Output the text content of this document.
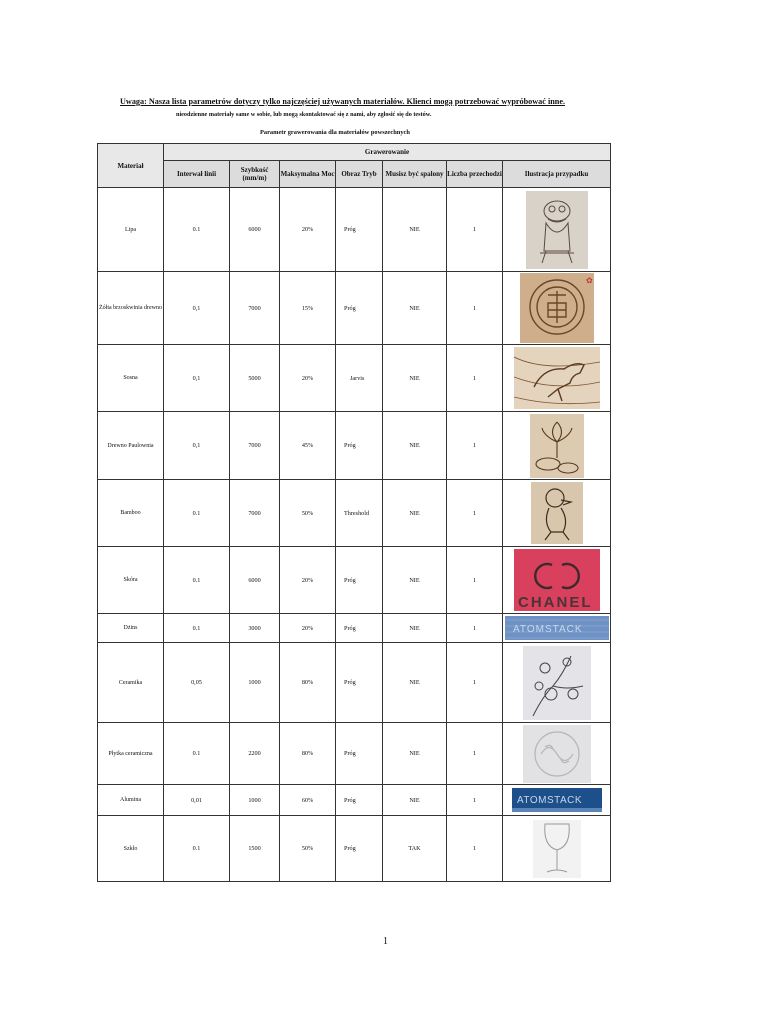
Uwaga: Nasza lista parametrów dotyczy tylko najczęściej używanych materiałów. Klienci mogą potrzebować wypróbować inne.
nieodzienne materiały same w sobie, lub mogą skontaktować się z nami, aby zgłosić się do testów.
Parametr grawerowania dla materiałów powszechnych
Materiał	Grawerowanie						
	Interwał linii	Szybkość (mm/m)	Maksymalna Moc	Obraz Tryb	Musisz być spalony	Liczba przechodzi	Ilustracja przypadku
Lipa	0.1	6000	20%	Próg	NIE	1	

Żółta brzoskwinia drewno	0,1	7000	15%	Próg	NIE	1	✿

Sosna	0,1	5000	20%	Jarvis	NIE	1	

Drewno Paulownia	0,1	7000	45%	Próg	NIE	1	

Bamboo	0.1	7000	50%	Threshold	NIE	1	

Skóra	0.1	6000	20%	Próg	NIE	1	CHANEL

Dżins	0.1	3000	20%	Próg	NIE	1	ATOMSTACK

Ceramika	0,05	1000	80%	Próg	NIE	1	

Płytka ceramiczna	0.1	2200	80%	Próg	NIE	1	

Alumina	0,01	1000	60%	Próg	NIE	1	ATOMSTACK

Szkło	0.1	1500	50%	Próg	TAK	1	
1
